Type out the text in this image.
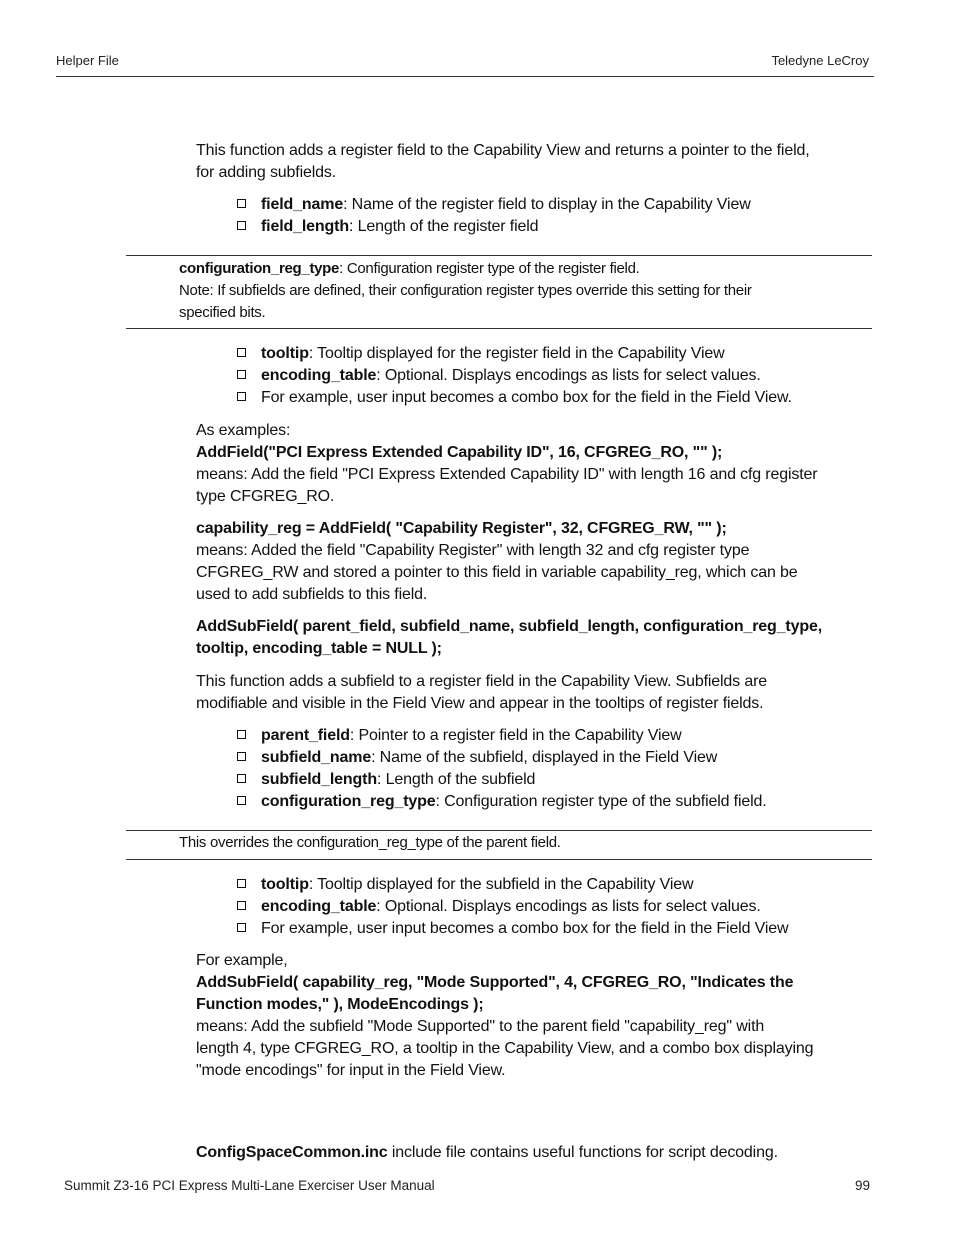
Helper File	Teledyne LeCroy
This function adds a register field to the Capability View and returns a pointer to the field,
for adding subfields.
field_name: Name of the register field to display in the Capability View
field_length: Length of the register field
configuration_reg_type: Configuration register type of the register field.
Note: If subfields are defined, their configuration register types override this setting for their
specified bits.
tooltip: Tooltip displayed for the register field in the Capability View
encoding_table: Optional. Displays encodings as lists for select values.
For example, user input becomes a combo box for the field in the Field View.
As examples:
AddField("PCI Express Extended Capability ID", 16, CFGREG_RO, "" );
means: Add the field "PCI Express Extended Capability ID" with length 16 and cfg register
type CFGREG_RO.
capability_reg = AddField( "Capability Register", 32, CFGREG_RW, "" );
means: Added the field "Capability Register" with length 32 and cfg register type
CFGREG_RW and stored a pointer to this field in variable capability_reg, which can be
used to add subfields to this field.
AddSubField( parent_field, subfield_name, subfield_length, configuration_reg_type,
tooltip, encoding_table = NULL );
This function adds a subfield to a register field in the Capability View. Subfields are
modifiable and visible in the Field View and appear in the tooltips of register fields.
parent_field: Pointer to a register field in the Capability View
subfield_name: Name of the subfield, displayed in the Field View
subfield_length: Length of the subfield
configuration_reg_type: Configuration register type of the subfield field.
This overrides the configuration_reg_type of the parent field.
tooltip: Tooltip displayed for the subfield in the Capability View
encoding_table: Optional. Displays encodings as lists for select values.
For example, user input becomes a combo box for the field in the Field View
For example,
AddSubField( capability_reg, "Mode Supported", 4, CFGREG_RO, "Indicates the
Function modes," ), ModeEncodings );
means: Add the subfield "Mode Supported" to the parent field "capability_reg" with
length 4, type CFGREG_RO, a tooltip in the Capability View, and a combo box displaying
"mode encodings" for input in the Field View.
ConfigSpaceCommon.inc include file contains useful functions for script decoding.
Summit Z3-16 PCI Express Multi-Lane Exerciser User Manual	99
